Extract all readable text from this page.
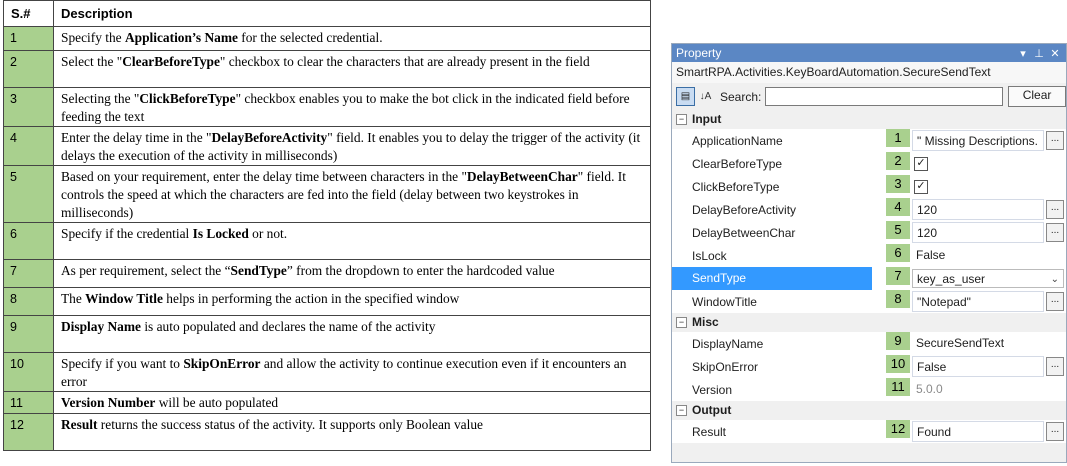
S.#	Description
1	Specify the Application’s Name for the selected credential.
2	Select the "ClearBeforeType" checkbox to clear the characters that are already present in the field
3	Selecting the "ClickBeforeType" checkbox enables you to make the bot click in the indicated field before feeding the text
4	Enter the delay time in the "DelayBeforeActivity" field. It enables you to delay the trigger of the activity (it delays the execution of the activity in milliseconds)
5	Based on your requirement, enter the delay time between characters in the "DelayBetweenChar" field. It controls the speed at which the characters are fed into the field (delay between two keystrokes in milliseconds)
6	Specify if the credential Is Locked or not.
7	As per requirement, select the “SendType” from the dropdown to enter the hardcoded value
8	The Window Title helps in performing the action in the specified window
9	Display Name is auto populated and declares the name of the activity
10	Specify if you want to SkipOnError and allow the activity to continue execution even if it encounters an error
11	Version Number will be auto populated
12	Result returns the success status of the activity. It supports only Boolean value
Property	▾ ⊥ ✕
SmartRPA.Activities.KeyBoardAutomation.SecureSendText
▤ ↓A Search:	Clear
− Input
ApplicationName	1	" Missing Descriptions.	...
ClearBeforeType	2	✓
ClickBeforeType	3	✓
DelayBeforeActivity	4	120	...
DelayBetweenChar	5	120	...
IsLock	6	False
SendType	7	key_as_user	⌄
WindowTitle	8	"Notepad"	...
− Misc
DisplayName	9	SecureSendText
SkipOnError	10 False	...
Version	11 5.0.0
− Output
Result	12 Found	...
